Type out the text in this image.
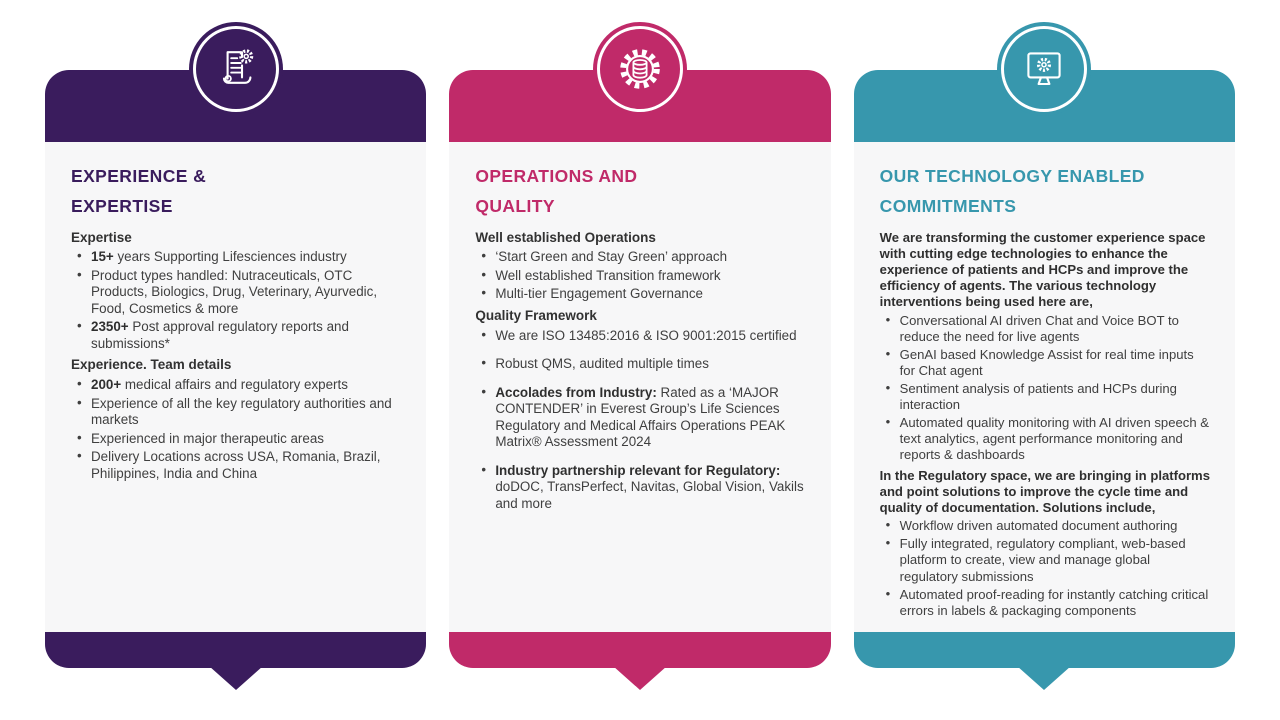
EXPERIENCE &
EXPERTISE
Expertise
• 15+ years Supporting Lifesciences industry
• Product types handled: Nutraceuticals, OTC Products, Biologics, Drug, Veterinary, Ayurvedic, Food, Cosmetics & more
• 2350+ Post approval regulatory reports and submissions*
Experience. Team details
• 200+ medical affairs and regulatory experts
• Experience of all the key regulatory authorities and markets
• Experienced in major therapeutic areas
• Delivery Locations across USA, Romania, Brazil, Philippines, India and China
OPERATIONS AND
QUALITY
Well established Operations
• ‘Start Green and Stay Green’ approach
• Well established Transition framework
• Multi-tier Engagement Governance
Quality Framework
• We are ISO 13485:2016 & ISO 9001:2015 certified
• Robust QMS, audited multiple times
• Accolades from Industry: Rated as a ‘MAJOR CONTENDER’ in Everest Group’s Life Sciences Regulatory and Medical Affairs Operations PEAK Matrix® Assessment 2024
• Industry partnership relevant for Regulatory: doDOC, TransPerfect, Navitas, Global Vision, Vakils and more
OUR TECHNOLOGY ENABLED
COMMITMENTS

We are transforming the customer experience space with cutting edge technologies to enhance the experience of patients and HCPs and improve the efficiency of agents. The various technology interventions being used here are,

• Conversational AI driven Chat and Voice BOT to reduce the need for live agents
• GenAI based Knowledge Assist for real time inputs for Chat agent
• Sentiment analysis of patients and HCPs during interaction
• Automated quality monitoring with AI driven speech & text analytics, agent performance monitoring and reports & dashboards

In the Regulatory space, we are bringing in platforms and point solutions to improve the cycle time and quality of documentation. Solutions include,

• Workflow driven automated document authoring
• Fully integrated, regulatory compliant, web-based platform to create, view and manage global regulatory submissions
• Automated proof-reading for instantly catching critical errors in labels & packaging components
